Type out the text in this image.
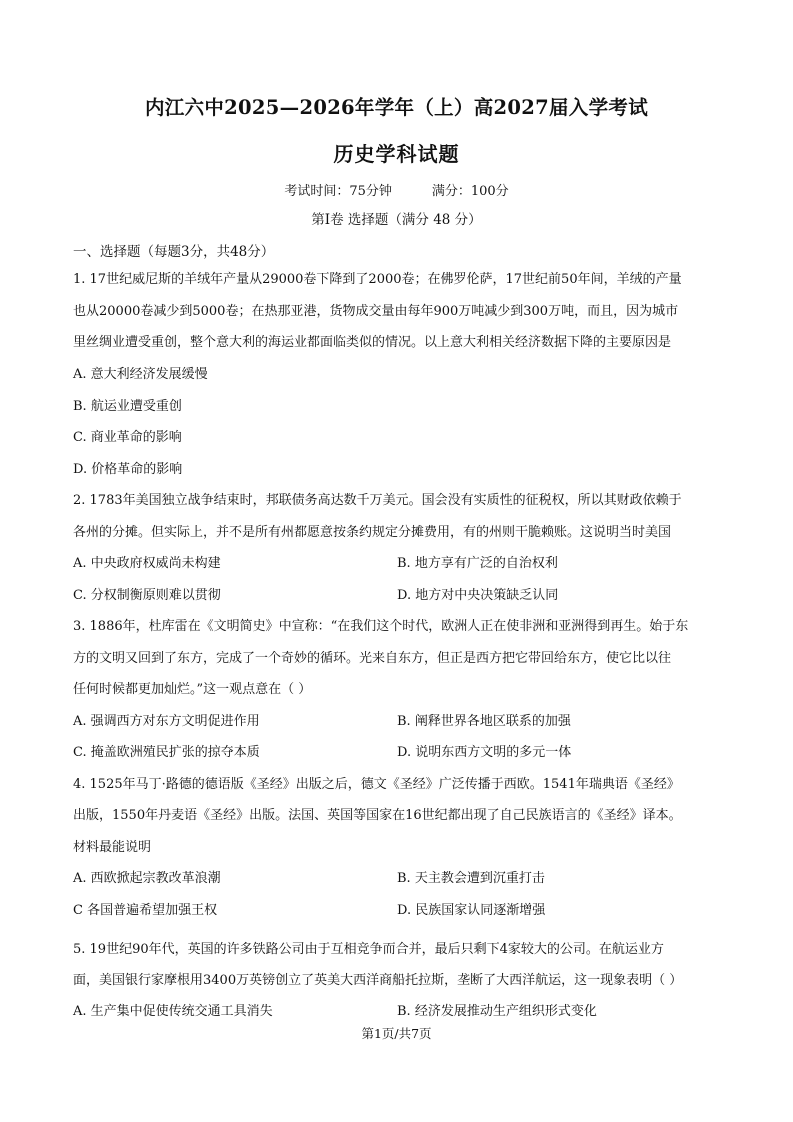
内江六中2025—2026年学年（上）高2027届入学考试
历史学科试题
考试时间：75分钟	满分：100分
第Ⅰ卷 选择题（满分 48 分）
一、选择题（每题3分，共48分）
1. 17世纪威尼斯的羊绒年产量从29000卷下降到了2000卷；在佛罗伦萨，17世纪前50年间，羊绒的产量
也从20000卷减少到5000卷；在热那亚港，货物成交量由每年900万吨减少到300万吨，而且，因为城市
里丝绸业遭受重创，整个意大利的海运业都面临类似的情况。以上意大利相关经济数据下降的主要原因是
A. 意大利经济发展缓慢
B. 航运业遭受重创
C. 商业革命的影响
D. 价格革命的影响
2. 1783年美国独立战争结束时，邦联债务高达数千万美元。国会没有实质性的征税权，所以其财政依赖于
各州的分摊。但实际上，并不是所有州都愿意按条约规定分摊费用，有的州则干脆赖账。这说明当时美国
A. 中央政府权威尚未构建	B. 地方享有广泛的自治权利
C. 分权制衡原则难以贯彻	D. 地方对中央决策缺乏认同
3. 1886年，杜库雷在《文明简史》中宣称：“在我们这个时代，欧洲人正在使非洲和亚洲得到再生。始于东
方的文明又回到了东方，完成了一个奇妙的循环。光来自东方，但正是西方把它带回给东方，使它比以往
任何时候都更加灿烂。”这一观点意在（ ）
A. 强调西方对东方文明促进作用	B. 阐释世界各地区联系的加强
C. 掩盖欧洲殖民扩张的掠夺本质	D. 说明东西方文明的多元一体
4. 1525年马丁·路德的德语版《圣经》出版之后，德文《圣经》广泛传播于西欧。1541年瑞典语《圣经》
出版，1550年丹麦语《圣经》出版。法国、英国等国家在16世纪都出现了自己民族语言的《圣经》译本。
材料最能说明
A. 西欧掀起宗教改革浪潮	B. 天主教会遭到沉重打击
C 各国普遍希望加强王权	D. 民族国家认同逐渐增强
5. 19世纪90年代，英国的许多铁路公司由于互相竞争而合并，最后只剩下4家较大的公司。在航运业方
面，美国银行家摩根用3400万英镑创立了英美大西洋商船托拉斯，垄断了大西洋航运，这一现象表明（ ）
A. 生产集中促使传统交通工具消失	B. 经济发展推动生产组织形式变化
第1页/共7页
